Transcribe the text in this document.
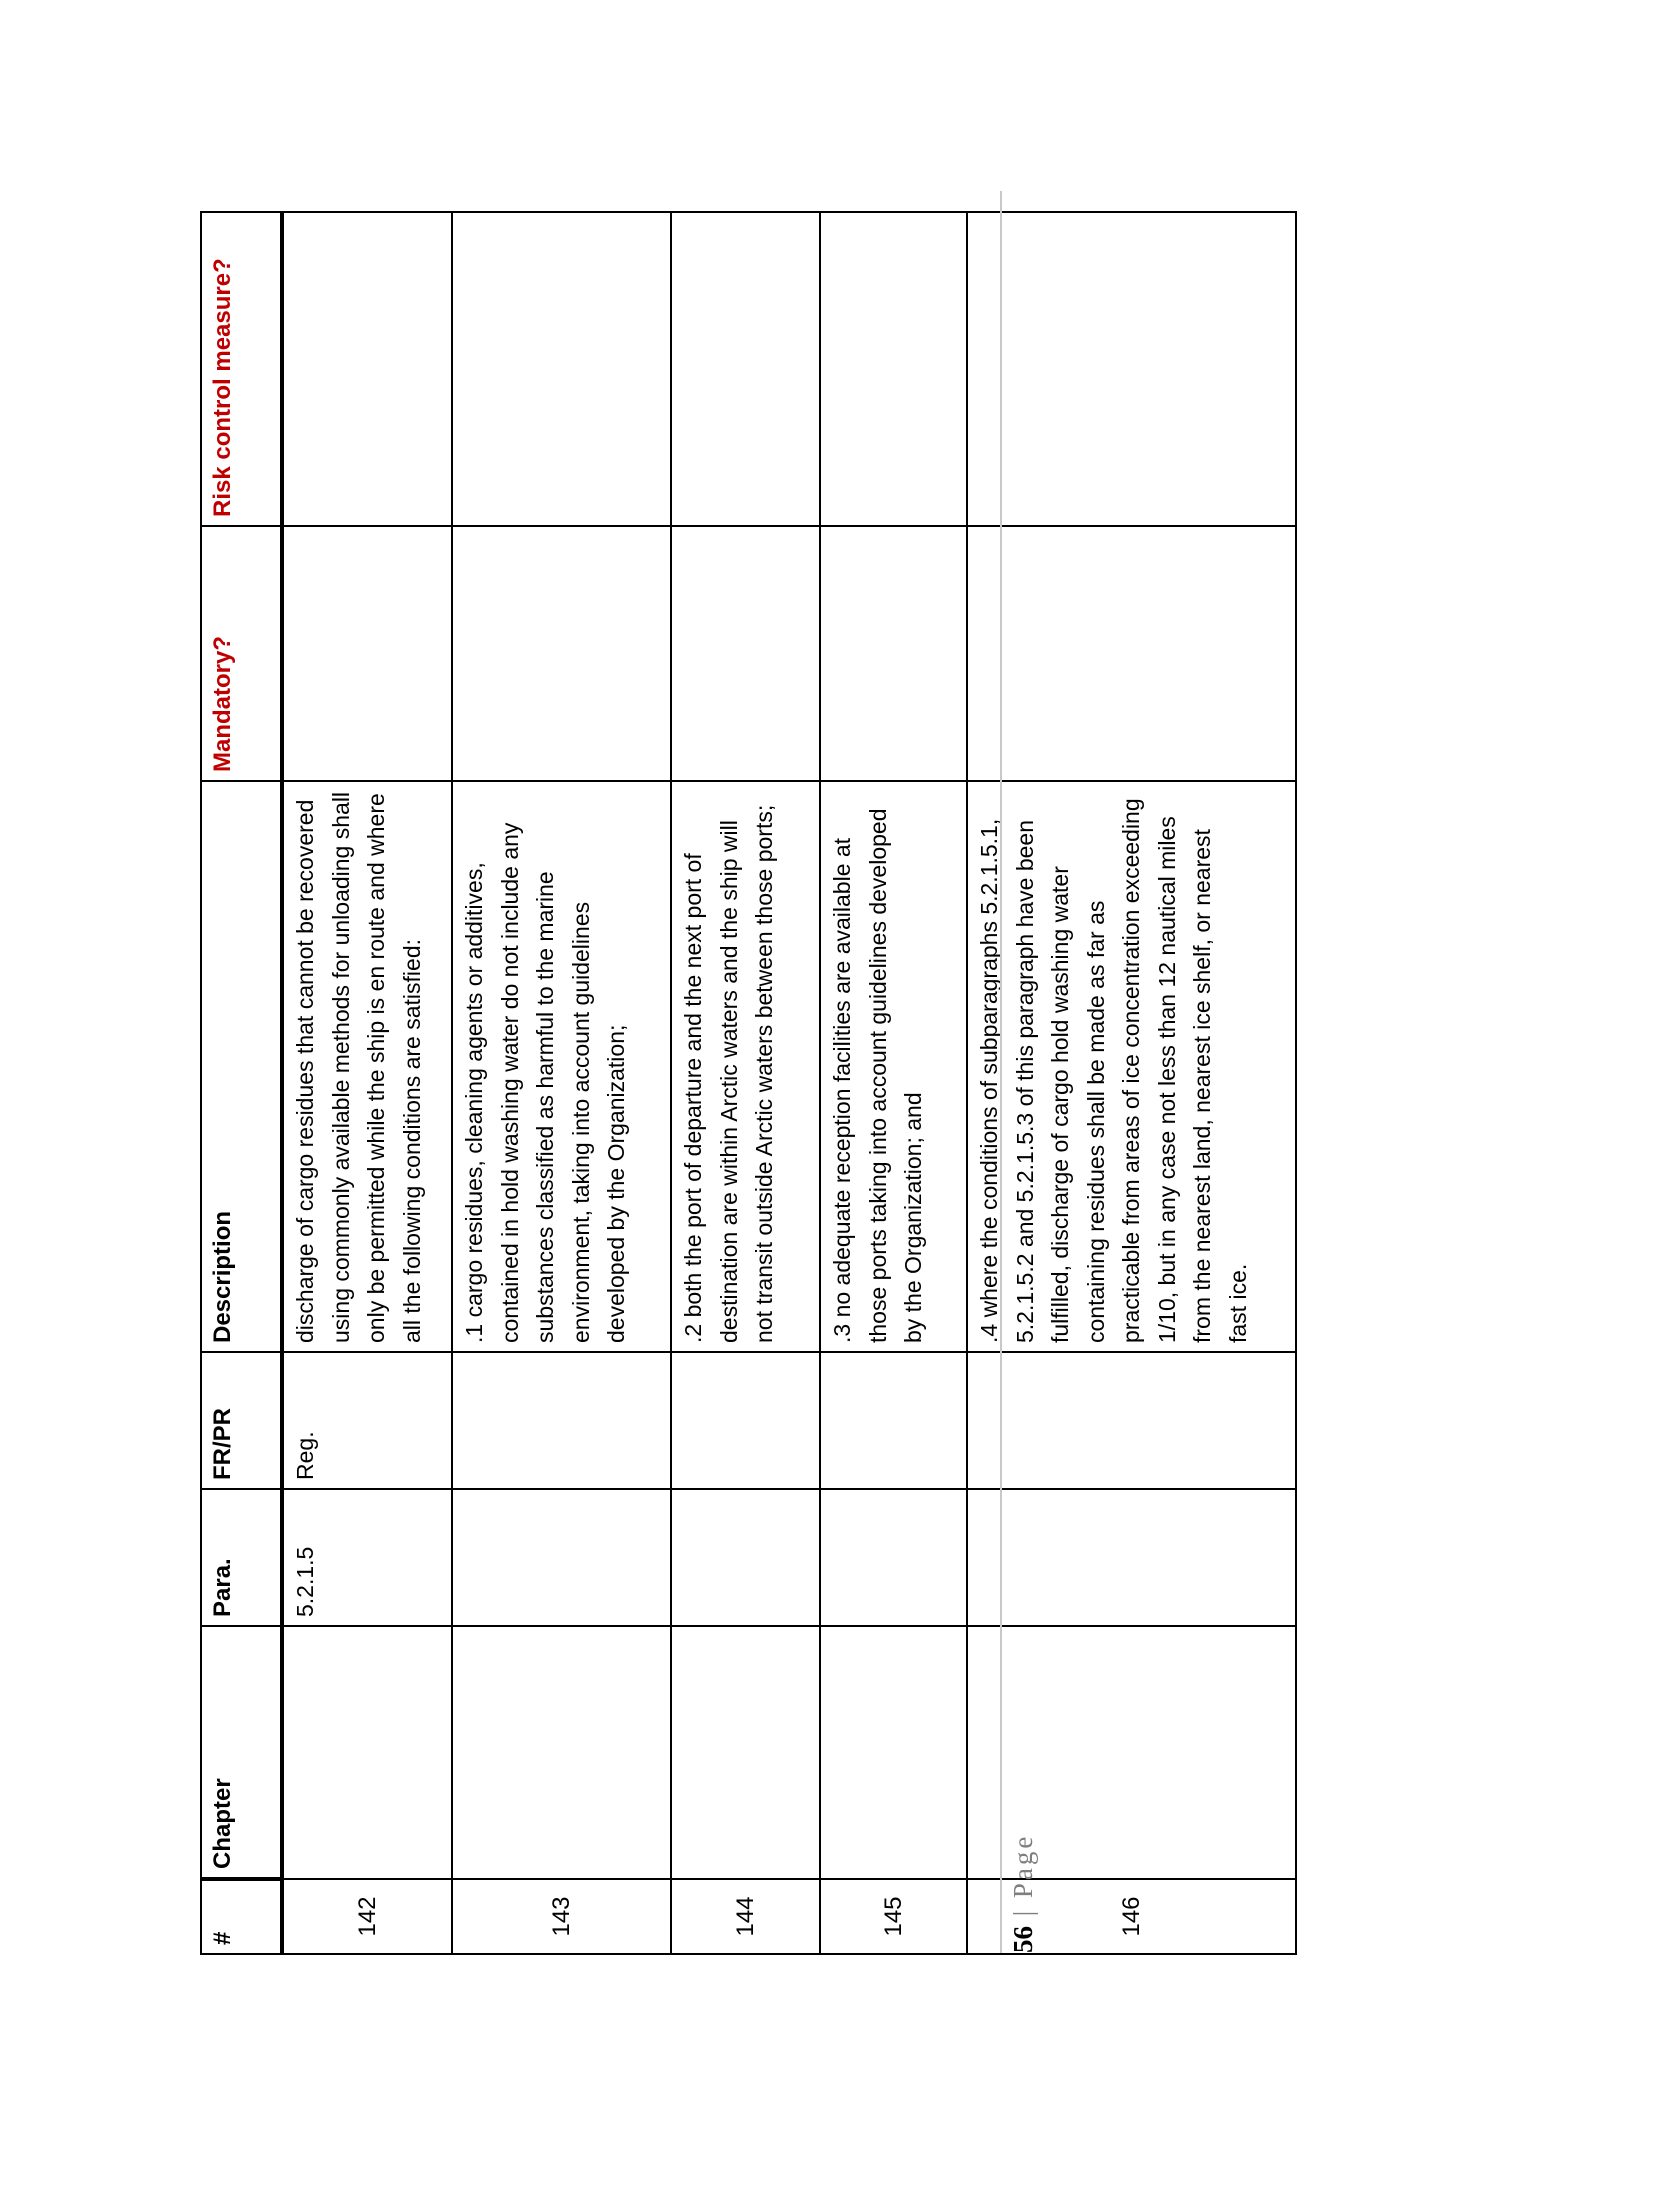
#	Chapter	Para.	FR/PR	Description	Mandatory?	Risk control measure?
142		5.2.1.5	Reg.	discharge of cargo residues that cannot be recovered using commonly available methods for unloading shall only be permitted while the ship is en route and where all the following conditions are satisfied:		
143				.1 cargo residues, cleaning agents or additives, contained in hold washing water do not include any substances classified as harmful to the marine environment, taking into account guidelines developed by the Organization;		
144				.2 both the port of departure and the next port of destination are within Arctic waters and the ship will not transit outside Arctic waters between those ports;		
145				.3 no adequate reception facilities are available at those ports taking into account guidelines developed by the Organization; and		
146				.4 where the conditions of subparagraphs 5.2.1.5.1, 5.2.1.5.2 and 5.2.1.5.3 of this paragraph have been fulfilled, discharge of cargo hold washing water containing residues shall be made as far as practicable from areas of ice concentration exceeding 1/10, but in any case not less than 12 nautical miles from the nearest land, nearest ice shelf, or nearest fast ice.		
56 | Page
